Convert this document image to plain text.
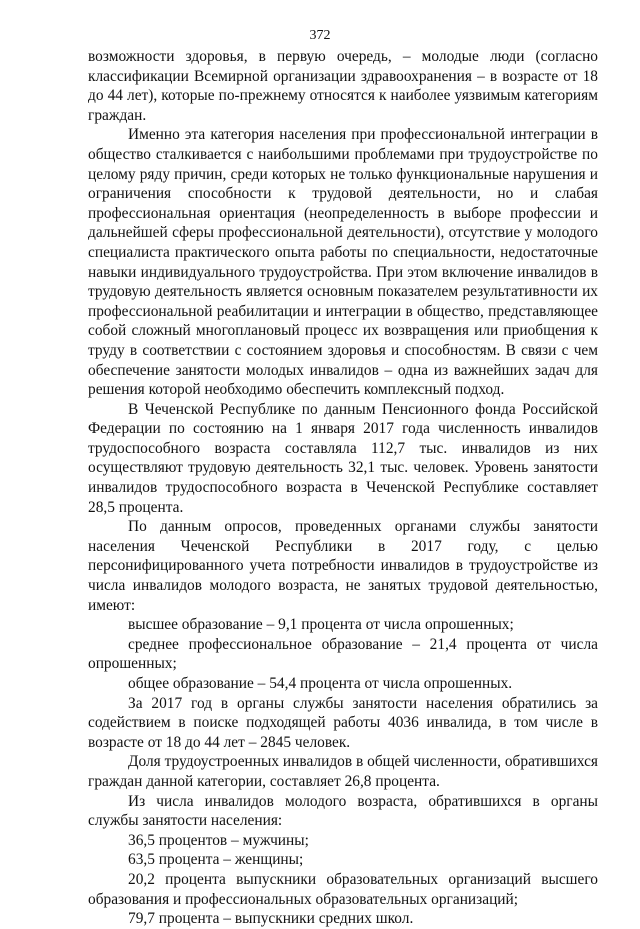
372

возможности здоровья, в первую очередь, – молодые люди (согласно классификации Всемирной организации здравоохранения – в возрасте от 18 до 44 лет), которые по-прежнему относятся к наиболее уязвимым категориям граждан.

Именно эта категория населения при профессиональной интеграции в общество сталкивается с наибольшими проблемами при трудоустройстве по целому ряду причин, среди которых не только функциональные нарушения и ограничения способности к трудовой деятельности, но и слабая профессиональная ориентация (неопределенность в выборе профессии и дальнейшей сферы профессиональной деятельности), отсутствие у молодого специалиста практического опыта работы по специальности, недостаточные навыки индивидуального трудоустройства. При этом включение инвалидов в трудовую деятельность является основным показателем результативности их профессиональной реабилитации и интеграции в общество, представляющее собой сложный многоплановый процесс их возвращения или приобщения к труду в соответствии с состоянием здоровья и способностям. В связи с чем обеспечение занятости молодых инвалидов – одна из важнейших задач для решения которой необходимо обеспечить комплексный подход.

В Чеченской Республике по данным Пенсионного фонда Российской Федерации по состоянию на 1 января 2017 года численность инвалидов трудоспособного возраста составляла 112,7 тыс. инвалидов из них осуществляют трудовую деятельность 32,1 тыс. человек. Уровень занятости инвалидов трудоспособного возраста в Чеченской Республике составляет 28,5 процента.

По данным опросов, проведенных органами службы занятости населения Чеченской Республики в 2017 году, с целью персонифицированного учета потребности инвалидов в трудоустройстве из числа инвалидов молодого возраста, не занятых трудовой деятельностью, имеют:

высшее образование – 9,1 процента от числа опрошенных;

среднее профессиональное образование – 21,4 процента от числа опрошенных;

общее образование – 54,4 процента от числа опрошенных.

За 2017 год в органы службы занятости населения обратились за содействием в поиске подходящей работы 4036 инвалида, в том числе в возрасте от 18 до 44 лет – 2845 человек.

Доля трудоустроенных инвалидов в общей численности, обратившихся граждан данной категории, составляет 26,8 процента.

Из числа инвалидов молодого возраста, обратившихся в органы службы занятости населения:

36,5 процентов – мужчины;

63,5 процента – женщины;

20,2 процента выпускники образовательных организаций высшего образования и профессиональных образовательных организаций;

79,7 процента – выпускники средних школ.
